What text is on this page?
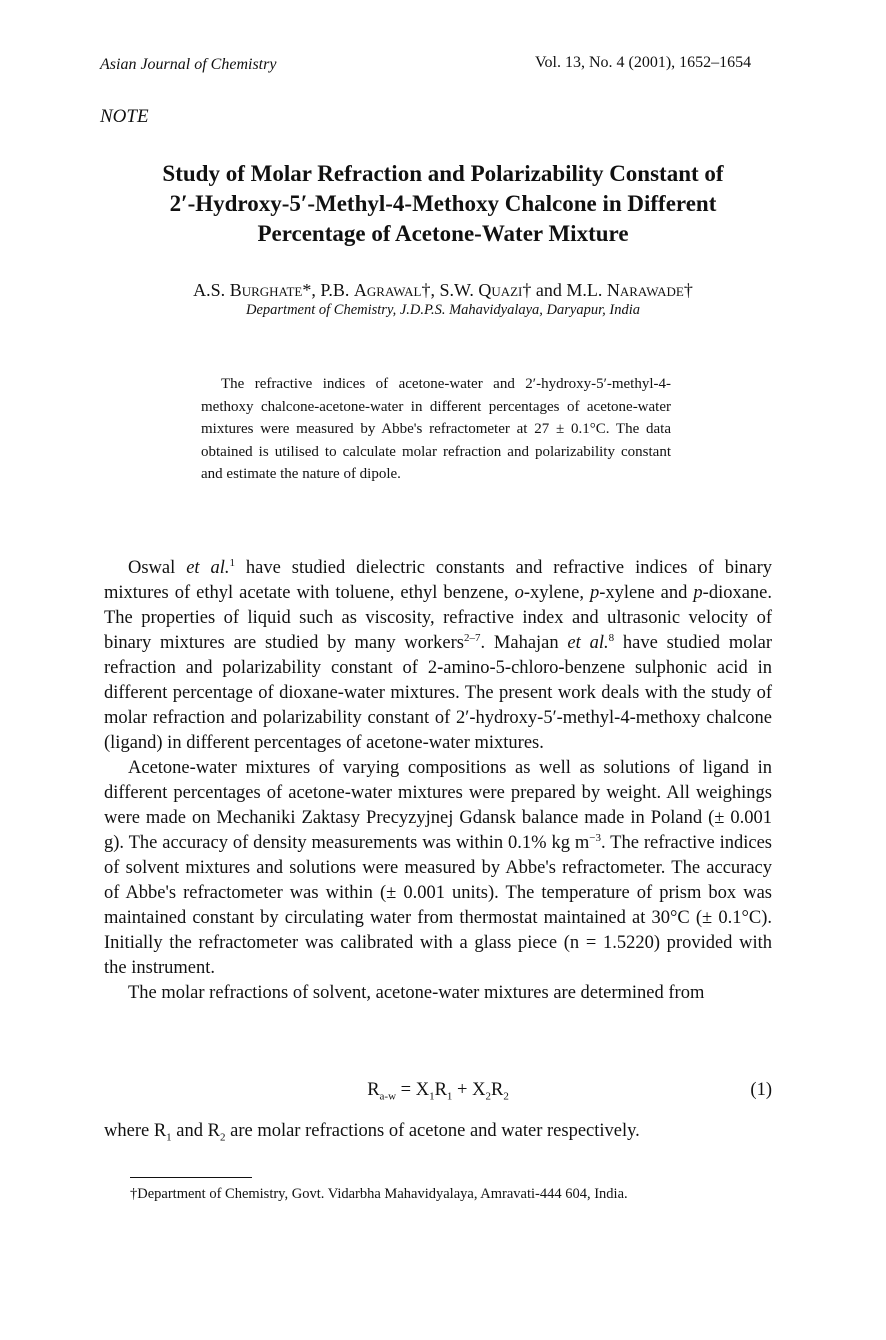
Asian Journal of Chemistry	Vol. 13, No. 4 (2001), 1652–1654
NOTE
Study of Molar Refraction and Polarizability Constant of
2′-Hydroxy-5′-Methyl-4-Methoxy Chalcone in Different
Percentage of Acetone-Water Mixture
A.S. Burghate*, P.B. Agrawal†, S.W. Quazi† and M.L. Narawade†
Department of Chemistry, J.D.P.S. Mahavidyalaya, Daryapur, India

The refractive indices of acetone-water and 2′-hydroxy-5′-methyl-4-methoxy chalcone-acetone-water in different percentages of acetone-water mixtures were measured by Abbe's refractometer at 27 ± 0.1°C. The data obtained is utilised to calculate molar refraction and polarizability constant and estimate the nature of dipole.

Oswal et al.$^1$ have studied dielectric constants and refractive indices of binary mixtures of ethyl acetate with toluene, ethyl benzene, o-xylene, p-xylene and p-dioxane. The properties of liquid such as viscosity, refractive index and ultrasonic velocity of binary mixtures are studied by many workers$^{2-7}$. Mahajan et al.$^8$ have studied molar refraction and polarizability constant of 2-amino-5-chloro-benzene sulphonic acid in different percentage of dioxane-water mixtures. The present work deals with the study of molar refraction and polarizability constant of 2′-hydroxy-5′-methyl-4-methoxy chalcone (ligand) in different percentages of acetone-water mixtures.

Acetone-water mixtures of varying compositions as well as solutions of ligand in different percentages of acetone-water mixtures were prepared by weight. All weighings were made on Mechaniki Zaktasy Precyzyjnej Gdansk balance made in Poland (± 0.001 g). The accuracy of density measurements was within 0.1% kg $m^{-3}$. The refractive indices of solvent mixtures and solutions were measured by Abbe's refractometer. The accuracy of Abbe's refractometer was within (± 0.001 units). The temperature of prism box was maintained constant by circulating water from thermostat maintained at 30°C (± 0.1°C). Initially the refractometer was calibrated with a glass piece (n = 1.5220) provided with the instrument.

The molar refractions of solvent, acetone-water mixtures are determined from

$R_{a-w} = X_1R_1 + X_2R_2$	(1)
where $R_1$ and $R_2$ are molar refractions of acetone and water respectively.
†Department of Chemistry, Govt. Vidarbha Mahavidyalaya, Amravati-444 604, India.
